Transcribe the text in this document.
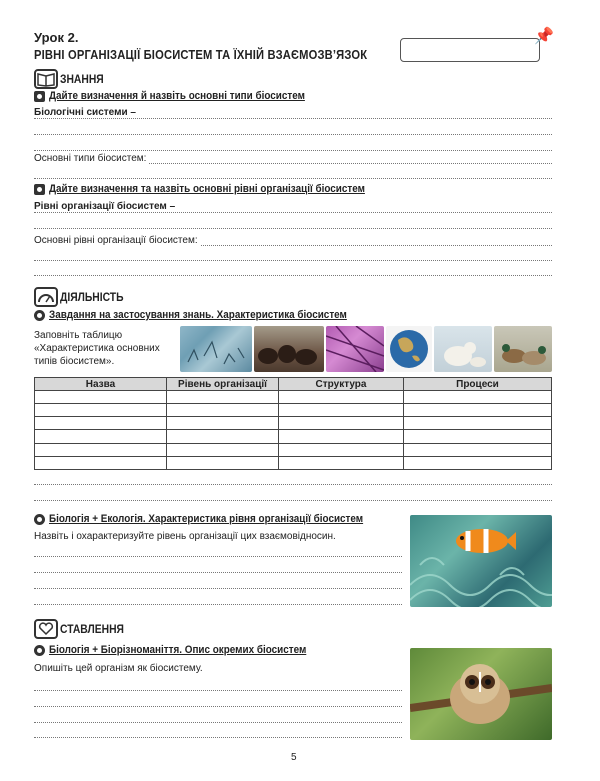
Урок 2.
РІВНІ ОРГАНІЗАЦІЇ БІОСИСТЕМ ТА ЇХНІЙ ВЗАЄМОЗВ’ЯЗОК
📌
ЗНАННЯ
Дайте визначення й назвіть основні типи біосистем
Біологічні системи –
Основні типи біосистем:
Дайте визначення та назвіть основні рівні організації біосистем
Рівні організації біосистем –
Основні рівні організації біосистем:
ДІЯЛЬНІСТЬ
Завдання на застосування знань. Характеристика біосистем
Заповніть таблицю
«Характеристика основних
типів біосистем».
Назва	Рівень організації	Структура	Процеси

Біологія + Екологія. Характеристика рівня організації біосистем
Назвіть і охарактеризуйте рівень організації цих взаємовідносин.
СТАВЛЕННЯ
Біологія + Біорізноманіття. Опис окремих біосистем
Опишіть цей організм як біосистему.
5
